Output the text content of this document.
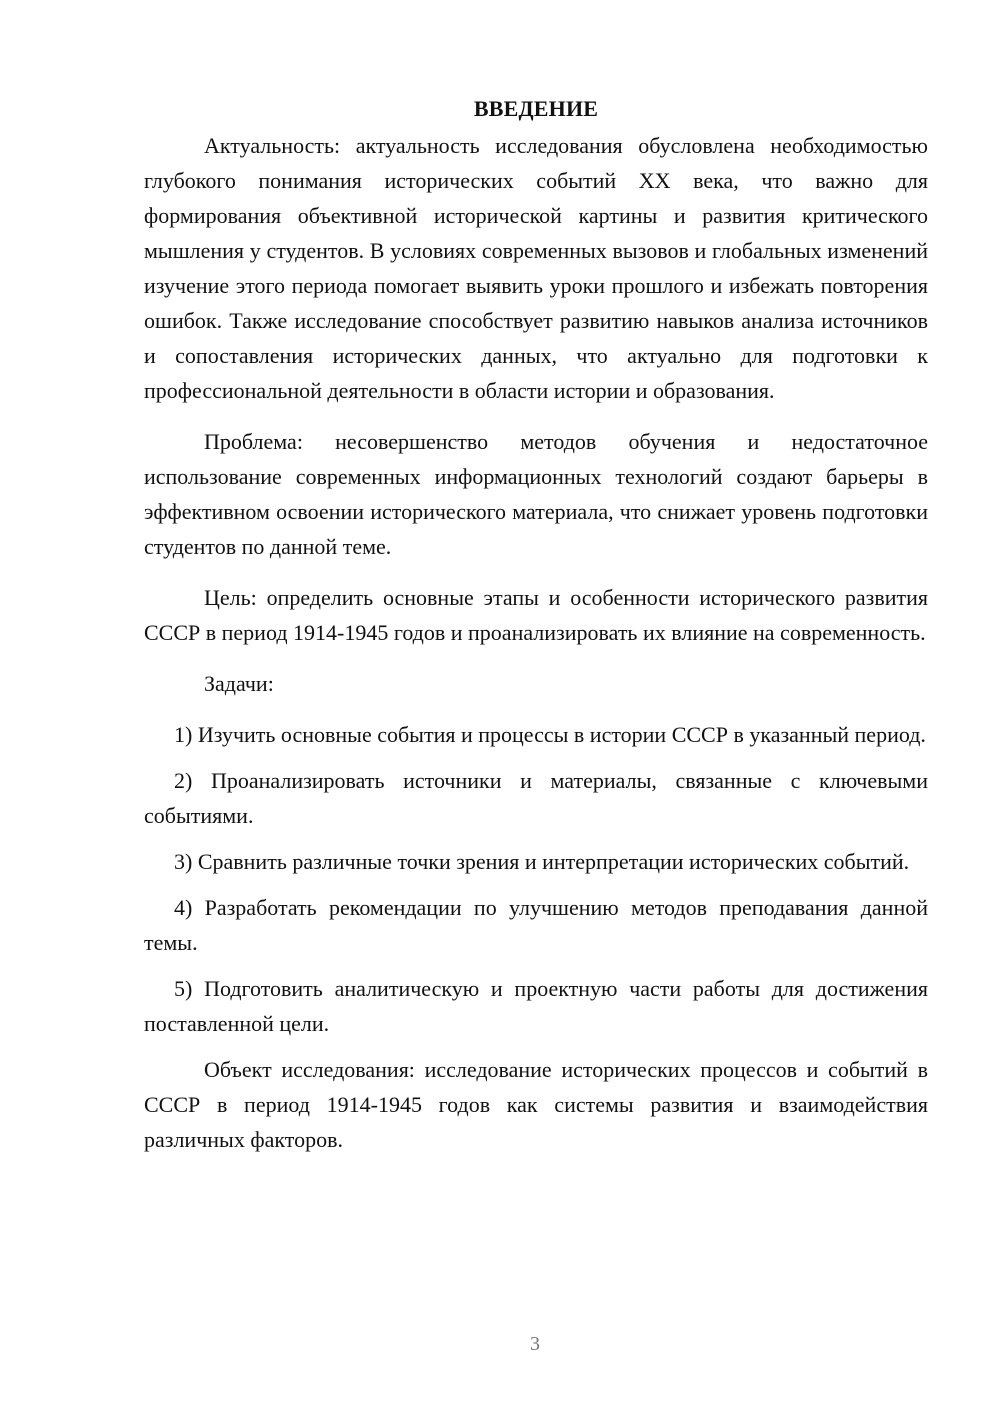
ВВЕДЕНИЕ

Актуальность: актуальность исследования обусловлена необходимостью глубокого понимания исторических событий XX века, что важно для формирования объективной исторической картины и развития критического мышления у студентов. В условиях современных вызовов и глобальных изменений изучение этого периода помогает выявить уроки прошлого и избежать повторения ошибок. Также исследование способствует развитию навыков анализа источников и сопоставления исторических данных, что актуально для подготовки к профессиональной деятельности в области истории и образования.

Проблема: несовершенство методов обучения и недостаточное использование современных информационных технологий создают барьеры в эффективном освоении исторического материала, что снижает уровень подготовки студентов по данной теме.

Цель: определить основные этапы и особенности исторического развития СССР в период 1914-1945 годов и проанализировать их влияние на современность.

Задачи:

1) Изучить основные события и процессы в истории СССР в указанный период.

2) Проанализировать источники и материалы, связанные с ключевыми событиями.

3) Сравнить различные точки зрения и интерпретации исторических событий.

4) Разработать рекомендации по улучшению методов преподавания данной темы.

5) Подготовить аналитическую и проектную части работы для достижения поставленной цели.

Объект исследования: исследование исторических процессов и событий в СССР в период 1914-1945 годов как системы развития и взаимодействия различных факторов.

3
